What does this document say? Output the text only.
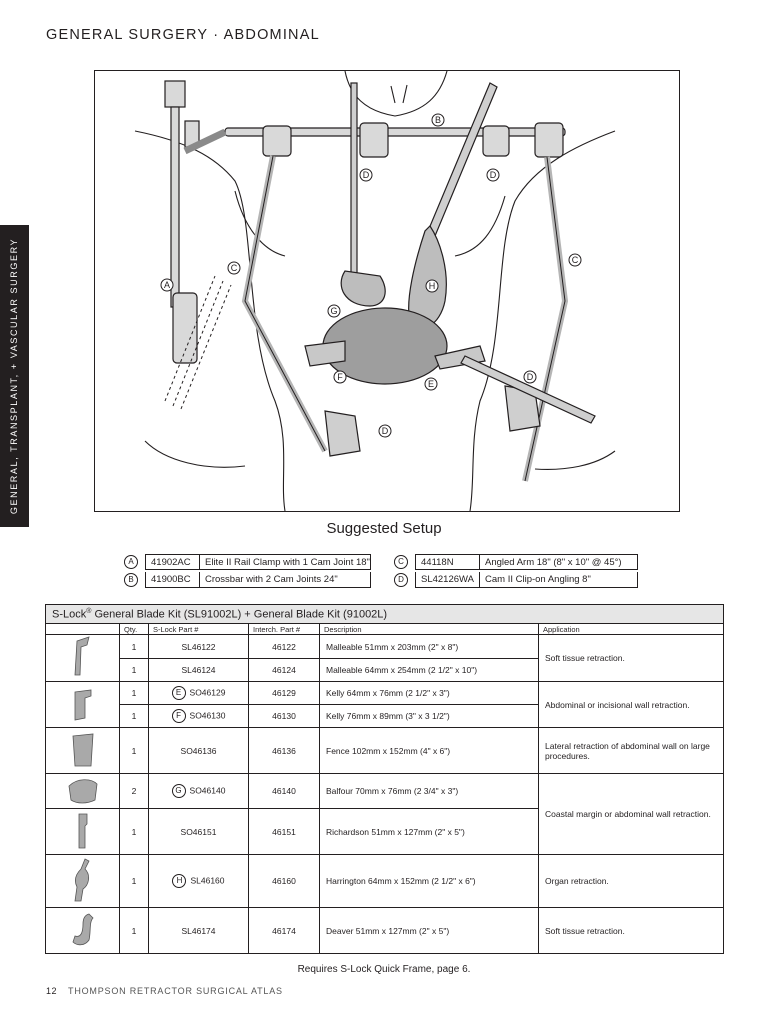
GENERAL SURGERY · ABDOMINAL
GENERAL, TRANSPLANT, + VASCULAR SURGERY	A
B
C
C
D	D
D
D
E
F
G
H
Suggested Setup
A	41902AC	Elite II Rail Clamp with 1 Cam Joint 18"
B	41900BC	Crossbar with 2 Cam Joints 24"
C	44118N	Angled Arm 18" (8" x 10" @ 45°)
D	SL42126WA	Cam II Clip-on Angling 8"
S-Lock® General Blade Kit (SL91002L) + General Blade Kit (91002L)					
	Qty.	S-Lock Part #	Interch. Part #	Description	Application
	1	SL46122	46122	Malleable 51mm x 203mm (2" x 8")	Soft tissue retraction.
	1	SL46124	46124	Malleable 64mm x 254mm (2 1/2" x 10")	
	1	E SO46129	46129	Kelly 64mm x 76mm (2 1/2" x 3")	Abdominal or incisional wall retraction.
	1	F SO46130	46130	Kelly 76mm x 89mm (3" x 3 1/2")	
	1	SO46136	46136	Fence 102mm x 152mm (4" x 6")	Lateral retraction of abdominal wall on large procedures.
	2	G SO46140	46140	Balfour 70mm x 76mm (2 3/4" x 3")	Coastal margin or abdominal wall retraction.
	1	SO46151	46151	Richardson 51mm x 127mm (2" x 5")	
	1	H SL46160	46160	Harrington 64mm x 152mm (2 1/2" x 6")	Organ retraction.
	1	SL46174	46174	Deaver 51mm x 127mm (2" x 5")	Soft tissue retraction.
Requires S-Lock Quick Frame, page 6.
12 THOMPSON RETRACTOR SURGICAL ATLAS
